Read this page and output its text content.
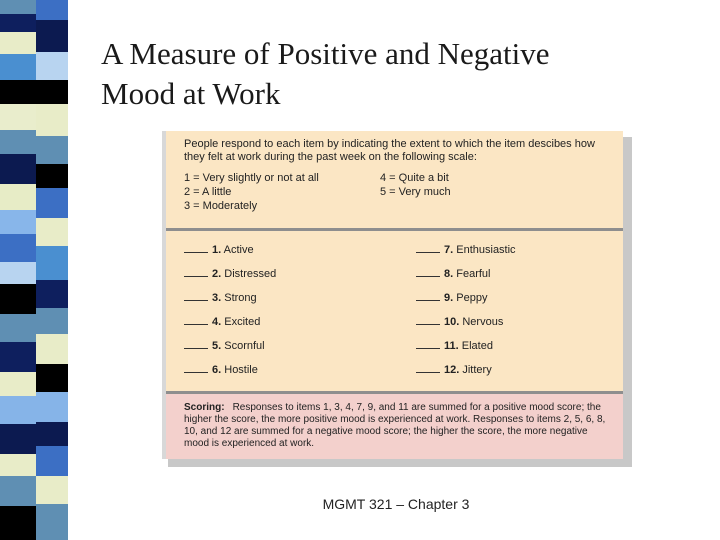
A Measure of Positive and Negative
Mood at Work
People respond to each item by indicating the extent to which the item descibes how they felt at work during the past week on the following scale:
1 = Very slightly or not at all	4 = Quite a bit
2 = A little	5 = Very much
3 = Moderately
1. Active
2. Distressed
3. Strong
4. Excited
5. Scornful
6. Hostile
7. Enthusiastic
8. Fearful
9. Peppy
10. Nervous
11. Elated
12. Jittery
Scoring: Responses to items 1, 3, 4, 7, 9, and 11 are summed for a positive mood score; the higher the score, the more positive mood is experienced at work. Responses to items 2, 5, 6, 8, 10, and 12 are summed for a negative mood score; the higher the score, the more negative mood is experienced at work.
MGMT 321 – Chapter 3
